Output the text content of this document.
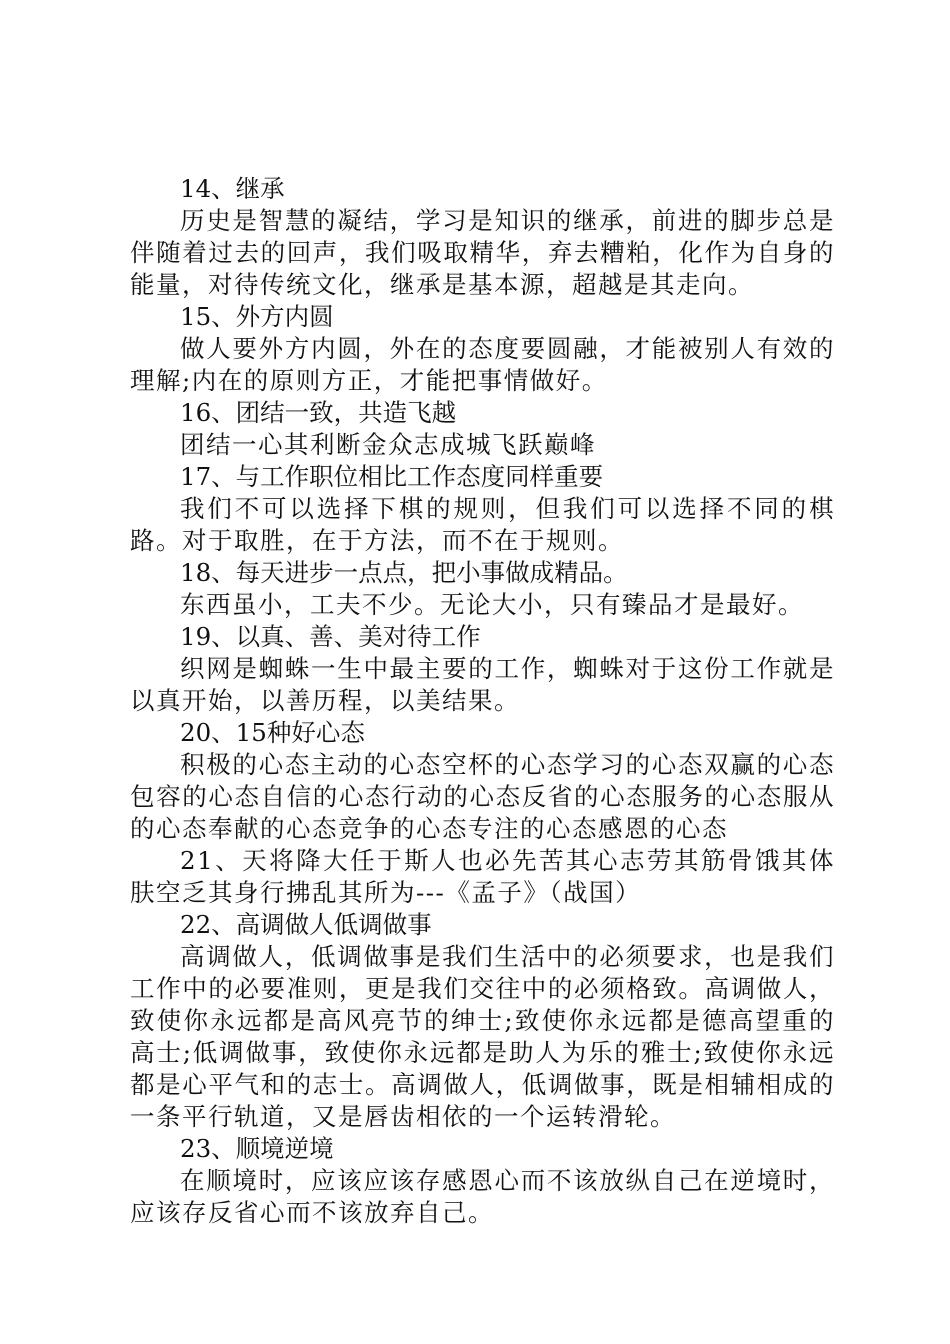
14、继承

历史是智慧的凝结，学习是知识的继承，前进的脚步总是伴随着过去的回声，我们吸取精华，弃去糟粕，化作为自身的能量，对待传统文化，继承是基本源，超越是其走向。

15、外方内圆

做人要外方内圆，外在的态度要圆融，才能被别人有效的理解;内在的原则方正，才能把事情做好。

16、团结一致，共造飞越

团结一心其利断金众志成城飞跃巅峰

17、与工作职位相比工作态度同样重要

我们不可以选择下棋的规则，但我们可以选择不同的棋路。对于取胜，在于方法，而不在于规则。

18、每天进步一点点，把小事做成精品。

东西虽小，工夫不少。无论大小，只有臻品才是最好。

19、以真、善、美对待工作

织网是蜘蛛一生中最主要的工作，蜘蛛对于这份工作就是以真开始，以善历程，以美结果。

20、15种好心态

积极的心态主动的心态空杯的心态学习的心态双赢的心态包容的心态自信的心态行动的心态反省的心态服务的心态服从的心态奉献的心态竞争的心态专注的心态感恩的心态

21、天将降大任于斯人也必先苦其心志劳其筋骨饿其体肤空乏其身行拂乱其所为---《孟子》（战国）

22、高调做人低调做事

高调做人，低调做事是我们生活中的必须要求，也是我们工作中的必要准则，更是我们交往中的必须格致。高调做人，致使你永远都是高风亮节的绅士;致使你永远都是德高望重的高士;低调做事，致使你永远都是助人为乐的雅士;致使你永远都是心平气和的志士。高调做人，低调做事，既是相辅相成的一条平行轨道，又是唇齿相依的一个运转滑轮。

23、顺境逆境

在顺境时，应该应该存感恩心而不该放纵自己在逆境时，应该存反省心而不该放弃自己。
